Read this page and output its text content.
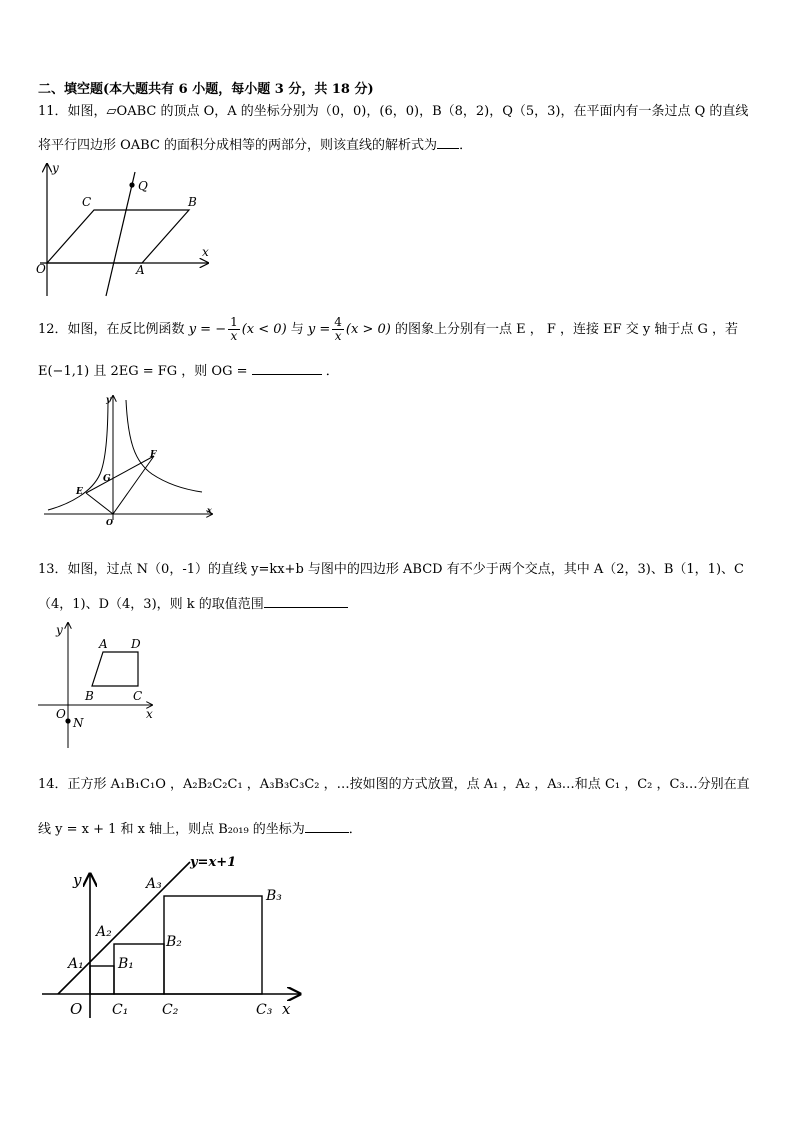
二、填空题(本大题共有 6 小题，每小题 3 分，共 18 分)
11．如图，▱OABC 的顶点 O，A 的坐标分别为（0，0)，(6，0)，B（8，2)，Q（5，3)，在平面内有一条过点 Q 的直线
将平行四边形 OABC 的面积分成相等的两部分，则该直线的解析式为 ．
y
x
O	A
C	B
Q
12．如图，在反比例函数 y = − $\frac{1}{x} (x < 0)$ 与 $y = \frac{4}{x} (x > 0)$ 的图象上分别有一点 E ， F ，连接 EF 交 y 轴于点 G ，若
E(−1,1) 且 2EG = FG ，则 OG =	．
y
x
O
E
G
F
13．如图，过点 N（0，-1）的直线 y=kx+b 与图中的四边形 ABCD 有不少于两个交点，其中 A（2，3)、B（1，1)、C
（4，1)、D（4，3)，则 k 的取值范围
y
x
O
N
A D
B	C
14．正方形 A₁B₁C₁O ，A₂B₂C₂C₁ ，A₃B₃C₃C₂ ，…按如图的方式放置，点 A₁ ，A₂ ，A₃…和点 C₁ ，C₂ ，C₃…分别在直
线 y = x + 1 和 x 轴上，则点 B₂₀₁₉ 的坐标为	．
y
x
O
y=x+1
A₁
A₂
A₃
B₁
B₂
B₃
C₁ C₂	C₃
